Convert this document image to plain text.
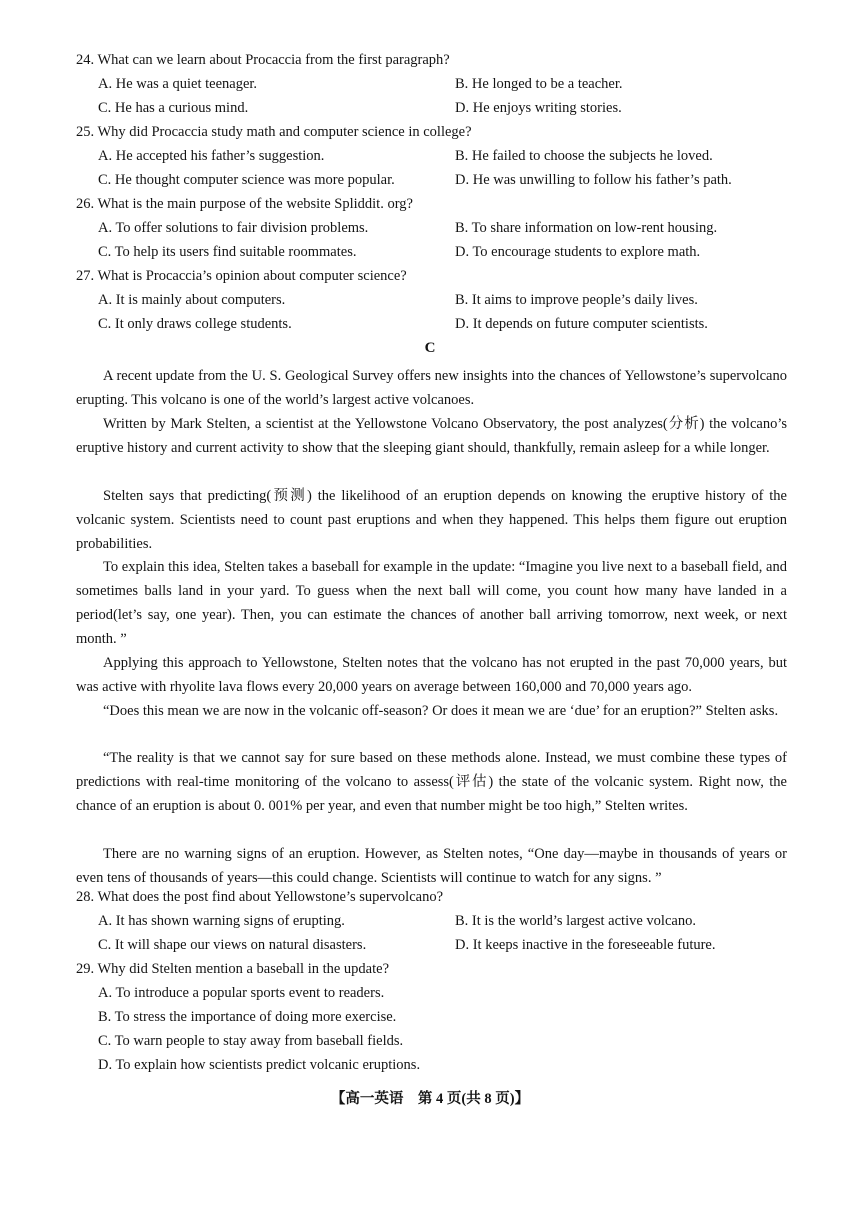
24. What can we learn about Procaccia from the first paragraph?
A. He was a quiet teenager.	B. He longed to be a teacher.
C. He has a curious mind.	D. He enjoys writing stories.
25. Why did Procaccia study math and computer science in college?
A. He accepted his father’s suggestion.	B. He failed to choose the subjects he loved.
C. He thought computer science was more popular.	D. He was unwilling to follow his father’s path.
26. What is the main purpose of the website Spliddit. org?
A. To offer solutions to fair division problems.	B. To share information on low-rent housing.
C. To help its users find suitable roommates.	D. To encourage students to explore math.
27. What is Procaccia’s opinion about computer science?
A. It is mainly about computers.	B. It aims to improve people’s daily lives.
C. It only draws college students.	D. It depends on future computer scientists.
C
A recent update from the U. S. Geological Survey offers new insights into the chances of Yellowstone’s supervolcano erupting. This volcano is one of the world’s largest active volcanoes.
Written by Mark Stelten, a scientist at the Yellowstone Volcano Observatory, the post analyzes(分析) the volcano’s eruptive history and current activity to show that the sleeping giant should, thankfully, remain asleep for a while longer.
Stelten says that predicting(预测) the likelihood of an eruption depends on knowing the eruptive history of the volcanic system. Scientists need to count past eruptions and when they happened. This helps them figure out eruption probabilities.
To explain this idea, Stelten takes a baseball for example in the update: “Imagine you live next to a baseball field, and sometimes balls land in your yard. To guess when the next ball will come, you count how many have landed in a period(let’s say, one year). Then, you can estimate the chances of another ball arriving tomorrow, next week, or next month. ”
Applying this approach to Yellowstone, Stelten notes that the volcano has not erupted in the past 70,000 years, but was active with rhyolite lava flows every 20,000 years on average between 160,000 and 70,000 years ago.
“Does this mean we are now in the volcanic off-season? Or does it mean we are ‘due’ for an eruption?” Stelten asks.
“The reality is that we cannot say for sure based on these methods alone. Instead, we must combine these types of predictions with real-time monitoring of the volcano to assess(评估) the state of the volcanic system. Right now, the chance of an eruption is about 0. 001% per year, and even that number might be too high,” Stelten writes.
There are no warning signs of an eruption. However, as Stelten notes, “One day—maybe in thousands of years or even tens of thousands of years—this could change. Scientists will continue to watch for any signs. ”
28. What does the post find about Yellowstone’s supervolcano?
A. It has shown warning signs of erupting.	B. It is the world’s largest active volcano.
C. It will shape our views on natural disasters.	D. It keeps inactive in the foreseeable future.
29. Why did Stelten mention a baseball in the update?
A. To introduce a popular sports event to readers.
B. To stress the importance of doing more exercise.
C. To warn people to stay away from baseball fields.
D. To explain how scientists predict volcanic eruptions.
【高一英语　第 4 页(共 8 页)】
